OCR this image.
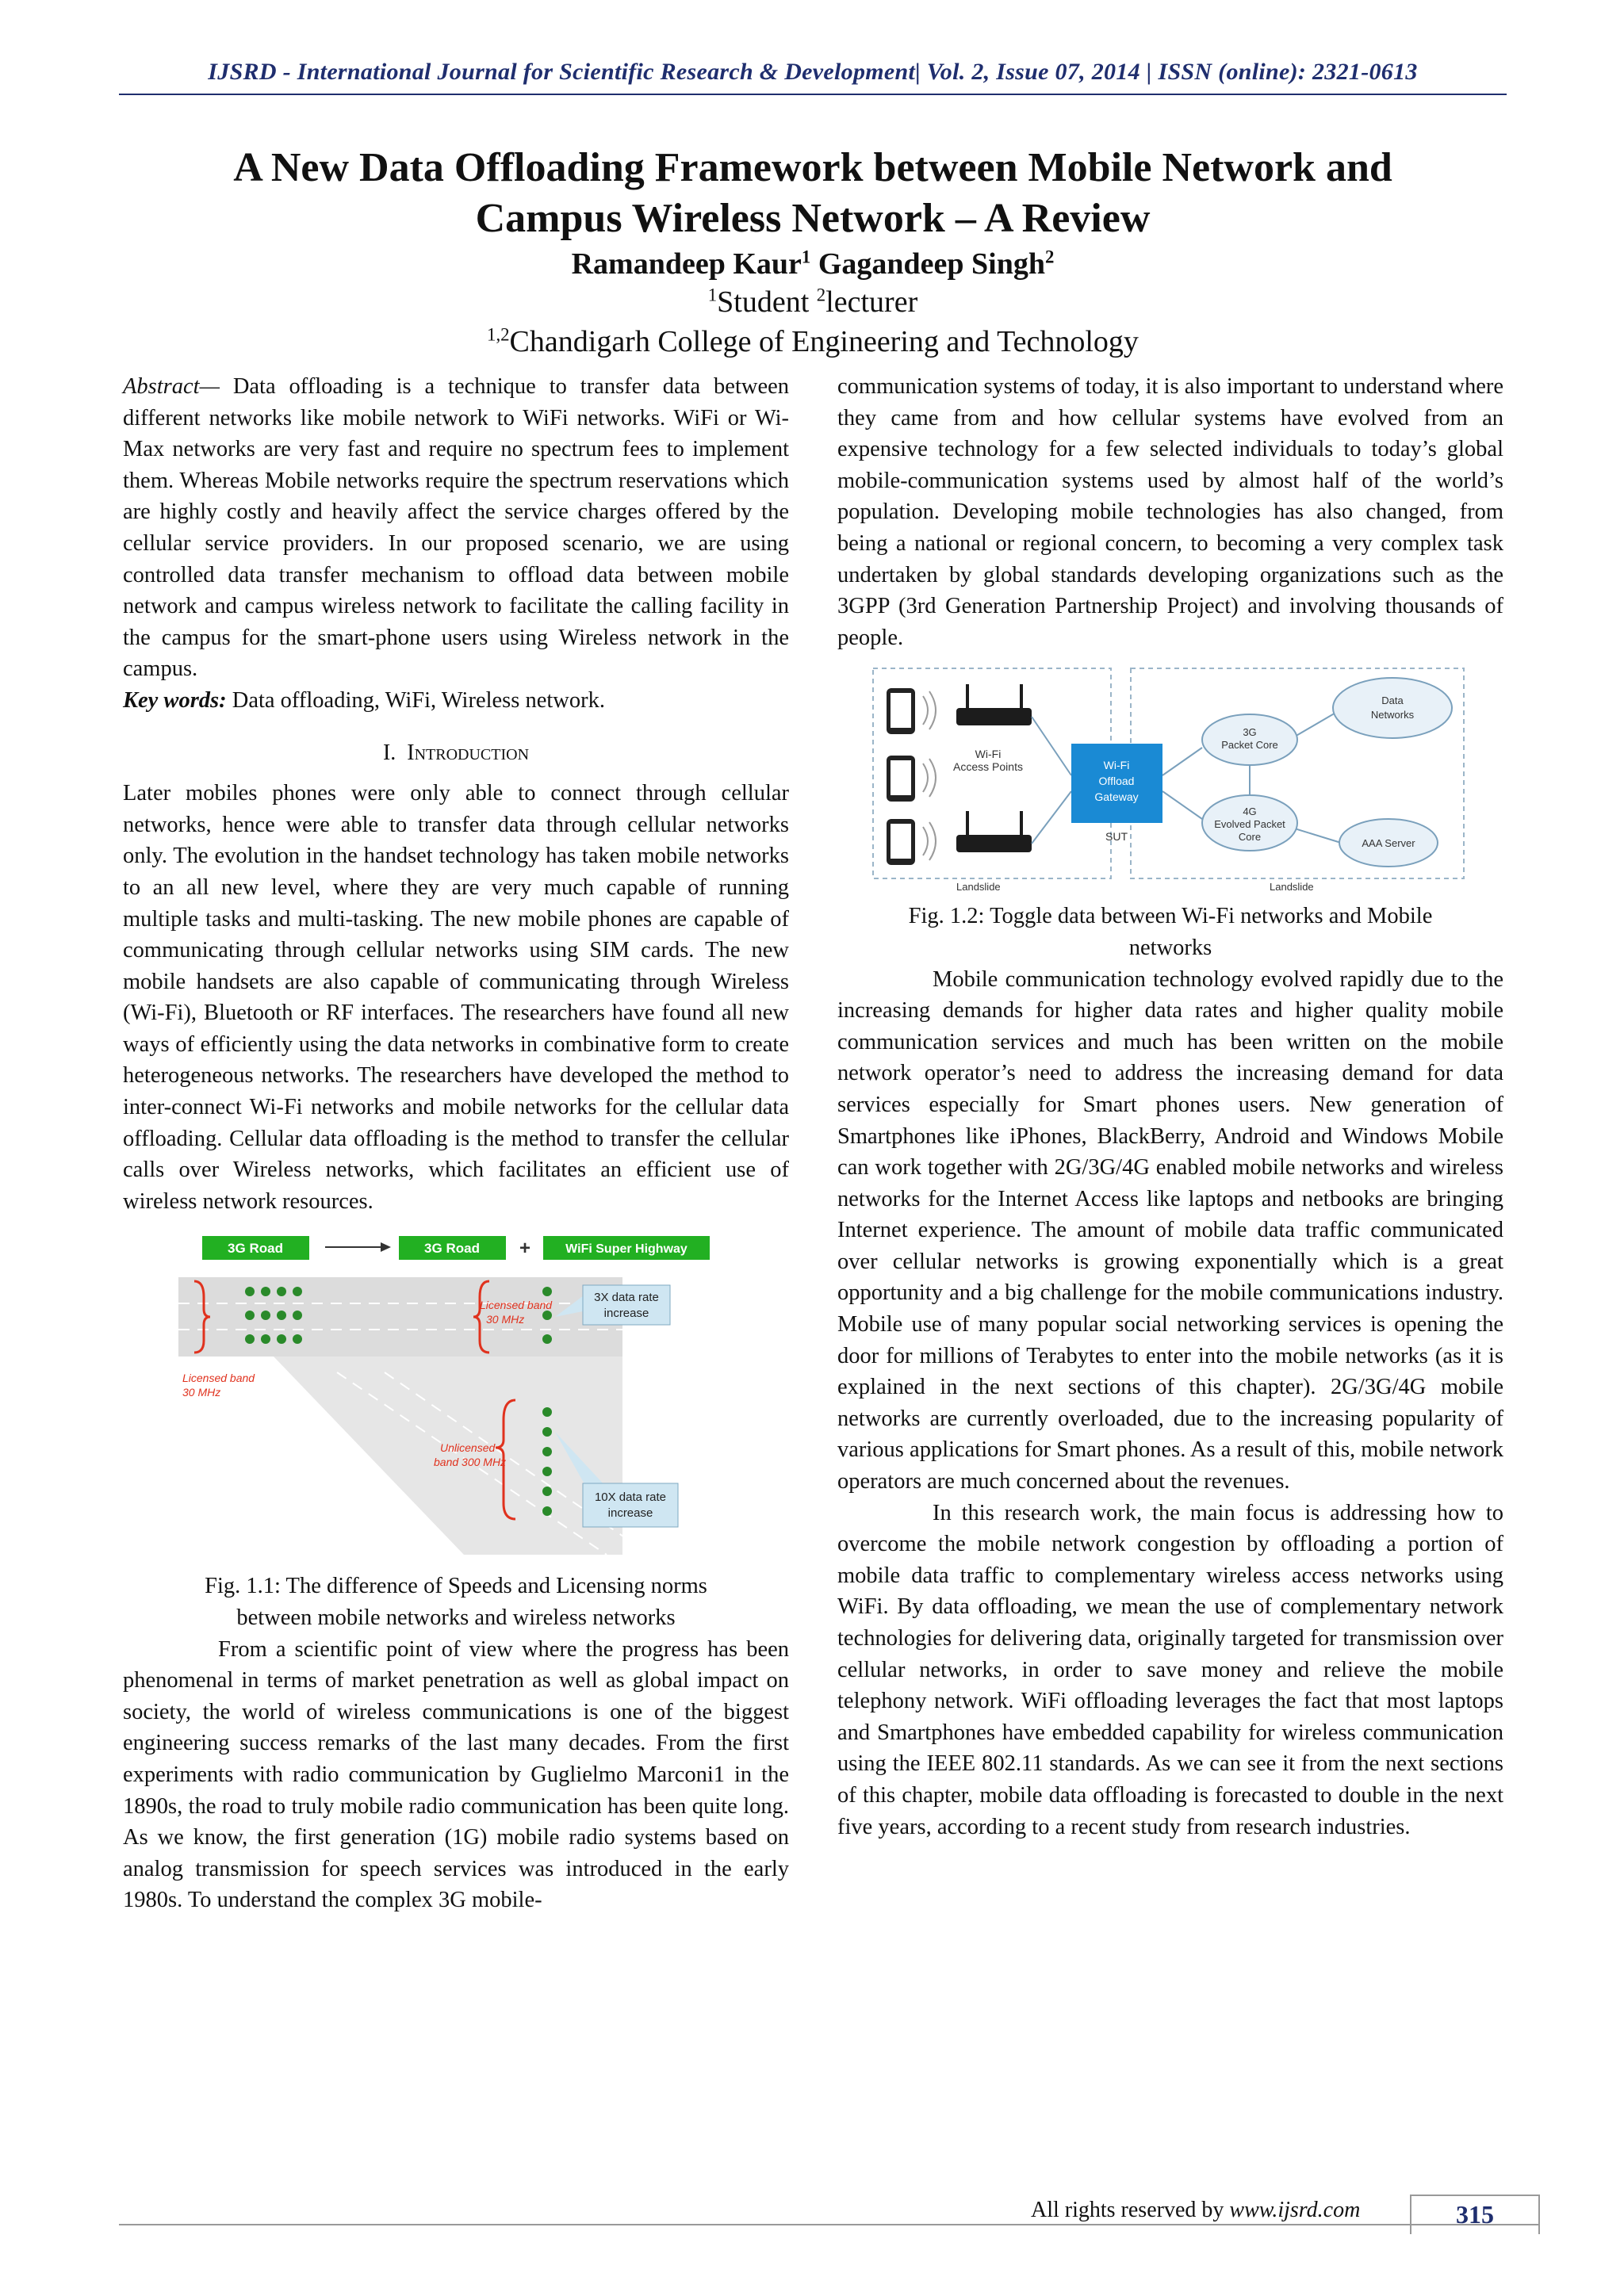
IJSRD - International Journal for Scientific Research & Development| Vol. 2, Issue 07, 2014 | ISSN (online): 2321-0613
A New Data Offloading Framework between Mobile Network and
Campus Wireless Network – A Review
Ramandeep Kaur$^1$ Gagandeep Singh$^2$
$^1$Student $^2$lecturer
$^{1,2}$Chandigarh College of Engineering and Technology

Abstract— Data offloading is a technique to transfer data between different networks like mobile network to WiFi networks. WiFi or Wi-Max networks are very fast and require no spectrum fees to implement them. Whereas Mobile networks require the spectrum reservations which are highly costly and heavily affect the service charges offered by the cellular service providers. In our proposed scenario, we are using controlled data transfer mechanism to offload data between mobile network and campus wireless network to facilitate the calling facility in the campus for the smart-phone users using Wireless network in the campus.

Key words: Data offloading, WiFi, Wireless network.

I. Introduction

Later mobiles phones were only able to connect through cellular networks, hence were able to transfer data through cellular networks only. The evolution in the handset technology has taken mobile networks to an all new level, where they are very much capable of running multiple tasks and multi-tasking. The new mobile phones are capable of communicating through cellular networks using SIM cards. The new mobile handsets are also capable of communicating through Wireless (Wi-Fi), Bluetooth or RF interfaces. The researchers have found all new ways of efficiently using the data networks in combinative form to create heterogeneous networks. The researchers have developed the method to inter-connect Wi-Fi networks and mobile networks for the cellular data offloading. Cellular data offloading is the method to transfer the cellular calls over Wireless networks, which facilitates an efficient use of wireless network resources.

3G Road	3G Road +	WiFi Super Highway
Licensed band
30 MHz
Licensed band
30 MHz
Unlicensed
band 300 MHz
3X data rate
increase
10X data rate
increase

Fig. 1.1: The difference of Speeds and Licensing norms
between mobile networks and wireless networks

From a scientific point of view where the progress has been phenomenal in terms of market penetration as well as global impact on society, the world of wireless communications is one of the biggest engineering success remarks of the last many decades. From the first experiments with radio communication by Guglielmo Marconi1 in the 1890s, the road to truly mobile radio communication has been quite long. As we know, the first generation (1G) mobile radio systems based on analog transmission for speech services was introduced in the early 1980s. To understand the complex 3G mobile-

communication systems of today, it is also important to understand where they came from and how cellular systems have evolved from an expensive technology for a few selected individuals to today’s global mobile-communication systems used by almost half of the world’s population. Developing mobile technologies has also changed, from being a national or regional concern, to becoming a very complex task undertaken by global standards developing organizations such as the 3GPP (3rd Generation Partnership Project) and involving thousands of people.

Wi-Fi
Access Points	Wi-Fi
Offload
Gateway
SUT
3G
Packet Core
4G
Evolved Packet
Core
Data
Networks
AAA Server
Landslide	Landslide

Fig. 1.2: Toggle data between Wi-Fi networks and Mobile
networks

Mobile communication technology evolved rapidly due to the increasing demands for higher data rates and higher quality mobile communication services and much has been written on the mobile network operator’s need to address the increasing demand for data services especially for Smart phones users. New generation of Smartphones like iPhones, BlackBerry, Android and Windows Mobile can work together with 2G/3G/4G enabled mobile networks and wireless networks for the Internet Access like laptops and netbooks are bringing Internet experience. The amount of mobile data traffic communicated over cellular networks is growing exponentially which is a great opportunity and a big challenge for the mobile communications industry. Mobile use of many popular social networking services is opening the door for millions of Terabytes to enter into the mobile networks (as it is explained in the next sections of this chapter). 2G/3G/4G mobile networks are currently overloaded, due to the increasing popularity of various applications for Smart phones. As a result of this, mobile network operators are much concerned about the revenues.

In this research work, the main focus is addressing how to overcome the mobile network congestion by offloading a portion of mobile data traffic to complementary wireless access networks using WiFi. By data offloading, we mean the use of complementary network technologies for delivering data, originally targeted for transmission over cellular networks, in order to save money and relieve the mobile telephony network. WiFi offloading leverages the fact that most laptops and Smartphones have embedded capability for wireless communication using the IEEE 802.11 standards. As we can see it from the next sections of this chapter, mobile data offloading is forecasted to double in the next five years, according to a recent study from research industries.

All rights reserved by www.ijsrd.com	315
